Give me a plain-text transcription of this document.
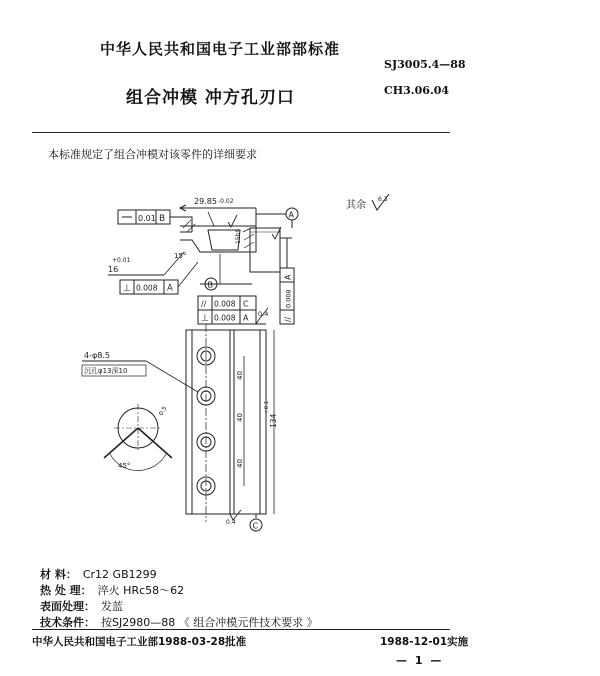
中华人民共和国电子工业部部标准
SJ3005.4—88
组合冲模 冲方孔刃口	CH3.06.04
本标准规定了组合冲模对该零件的详细要求
0.01 B
29.85 -0.02
15°
A
15h9
+0.01
16
⊥ 0.008 A	B
A
0.008
//
//
⊥
0.008 C
0.008 A 0.4
40
40
40
134
+0.1
4-φ8.5
沉孔φ13深10
45°
0.5
0.4 C
其余
6.3
材 料： Cr12 GB1299
热 处 理： 淬火 HRc58～62
表面处理： 发蓝
技术条件： 按SJ2980—88 《 组合冲模元件技术要求 》
中华人民共和国电子工业部1988-03-28批准	1988-12-01实施
— 1 —
